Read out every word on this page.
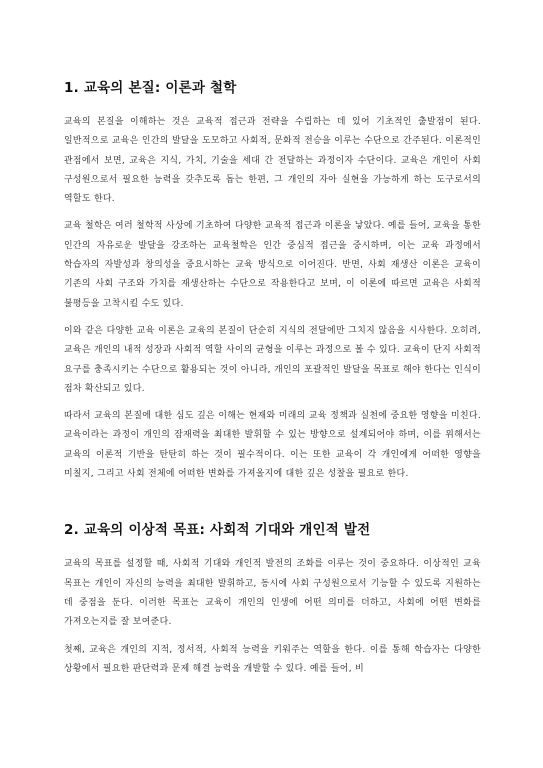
1. 교육의 본질: 이론과 철학

교육의 본질을 이해하는 것은 교육적 접근과 전략을 수립하는 데 있어 기초적인 출발점이 된다. 일반적으로 교육은 인간의 발달을 도모하고 사회적, 문화적 전승을 이루는 수단으로 간주된다. 이론적인 관점에서 보면, 교육은 지식, 가치, 기술을 세대 간 전달하는 과정이자 수단이다. 교육은 개인이 사회 구성원으로서 필요한 능력을 갖추도록 돕는 한편, 그 개인의 자아 실현을 가능하게 하는 도구로서의 역할도 한다.

교육 철학은 여러 철학적 사상에 기초하여 다양한 교육적 접근과 이론을 낳았다. 예를 들어, 교육을 통한 인간의 자유로운 발달을 강조하는 교육철학은 인간 중심적 접근을 중시하며, 이는 교육 과정에서 학습자의 자발성과 창의성을 중요시하는 교육 방식으로 이어진다. 반면, 사회 재생산 이론은 교육이 기존의 사회 구조와 가치를 재생산하는 수단으로 작용한다고 보며, 이 이론에 따르면 교육은 사회적 불평등을 고착시킬 수도 있다.

이와 같은 다양한 교육 이론은 교육의 본질이 단순히 지식의 전달에만 그치지 않음을 시사한다. 오히려, 교육은 개인의 내적 성장과 사회적 역할 사이의 균형을 이루는 과정으로 볼 수 있다. 교육이 단지 사회적 요구를 충족시키는 수단으로 활용되는 것이 아니라, 개인의 포괄적인 발달을 목표로 해야 한다는 인식이 점차 확산되고 있다.

따라서 교육의 본질에 대한 심도 깊은 이해는 현재와 미래의 교육 정책과 실천에 중요한 영향을 미친다. 교육이라는 과정이 개인의 잠재력을 최대한 발휘할 수 있는 방향으로 설계되어야 하며, 이를 위해서는 교육의 이론적 기반을 탄탄히 하는 것이 필수적이다. 이는 또한 교육이 각 개인에게 어떠한 영향을 미칠지, 그리고 사회 전체에 어떠한 변화를 가져올지에 대한 깊은 성찰을 필요로 한다.

2. 교육의 이상적 목표: 사회적 기대와 개인적 발전

교육의 목표를 설정할 때, 사회적 기대와 개인적 발전의 조화를 이루는 것이 중요하다. 이상적인 교육 목표는 개인이 자신의 능력을 최대한 발휘하고, 동시에 사회 구성원으로서 기능할 수 있도록 지원하는 데 중점을 둔다. 이러한 목표는 교육이 개인의 인생에 어떤 의미를 더하고, 사회에 어떤 변화를 가져오는지를 잘 보여준다.

첫째, 교육은 개인의 지적, 정서적, 사회적 능력을 키워주는 역할을 한다. 이를 통해 학습자는 다양한 상황에서 필요한 판단력과 문제 해결 능력을 개발할 수 있다. 예를 들어, 비
